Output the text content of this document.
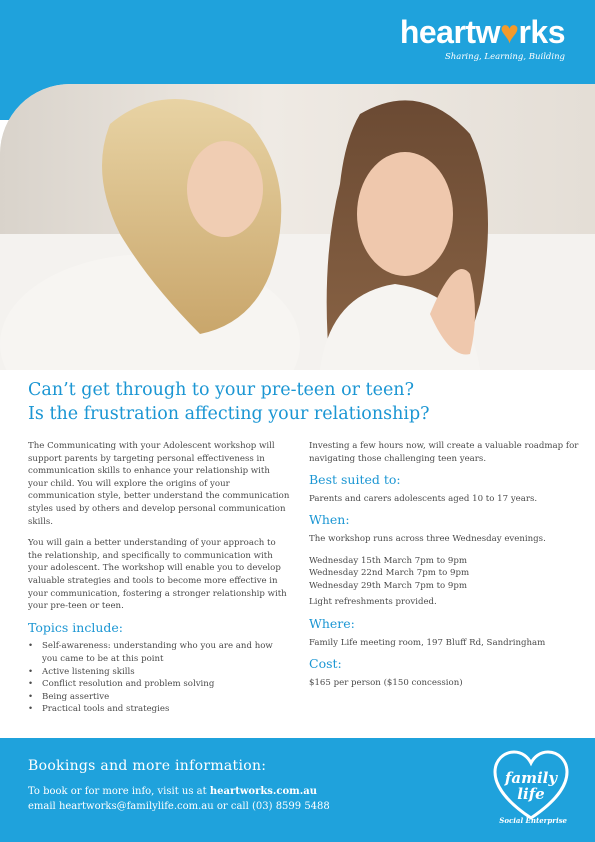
heartw♥rks
Sharing, Learning, Building
Can’t get through to your pre-teen or teen?
Is the frustration affecting your relationship?

The Communicating with your Adolescent workshop will support parents by targeting personal effectiveness in communication skills to enhance your relationship with your child. You will explore the origins of your communication style, better understand the communication styles used by others and develop personal communication skills.

You will gain a better understanding of your approach to the relationship, and specifically to communication with your adolescent. The workshop will enable you to develop valuable strategies and tools to become more effective in your communication, fostering a stronger relationship with your pre-teen or teen.

Topics include:
• Self-awareness: understanding who you are and how you came to be at this point
• Active listening skills
• Conflict resolution and problem solving
• Being assertive
• Practical tools and strategies

Investing a few hours now, will create a valuable roadmap for navigating those challenging teen years.

Best suited to:

Parents and carers adolescents aged 10 to 17 years.

When:

The workshop runs across three Wednesday evenings.

Wednesday 15th March 7pm to 9pm

Wednesday 22nd March 7pm to 9pm

Wednesday 29th March 7pm to 9pm

Light refreshments provided.

Where:

Family Life meeting room, 197 Bluff Rd, Sandringham

Cost:

$165 per person ($150 concession)

Bookings and more information:
To book or for more info, visit us at heartworks.com.au
email heartworks@familylife.com.au or call (03) 8599 5488
family life
Social Enterprise
